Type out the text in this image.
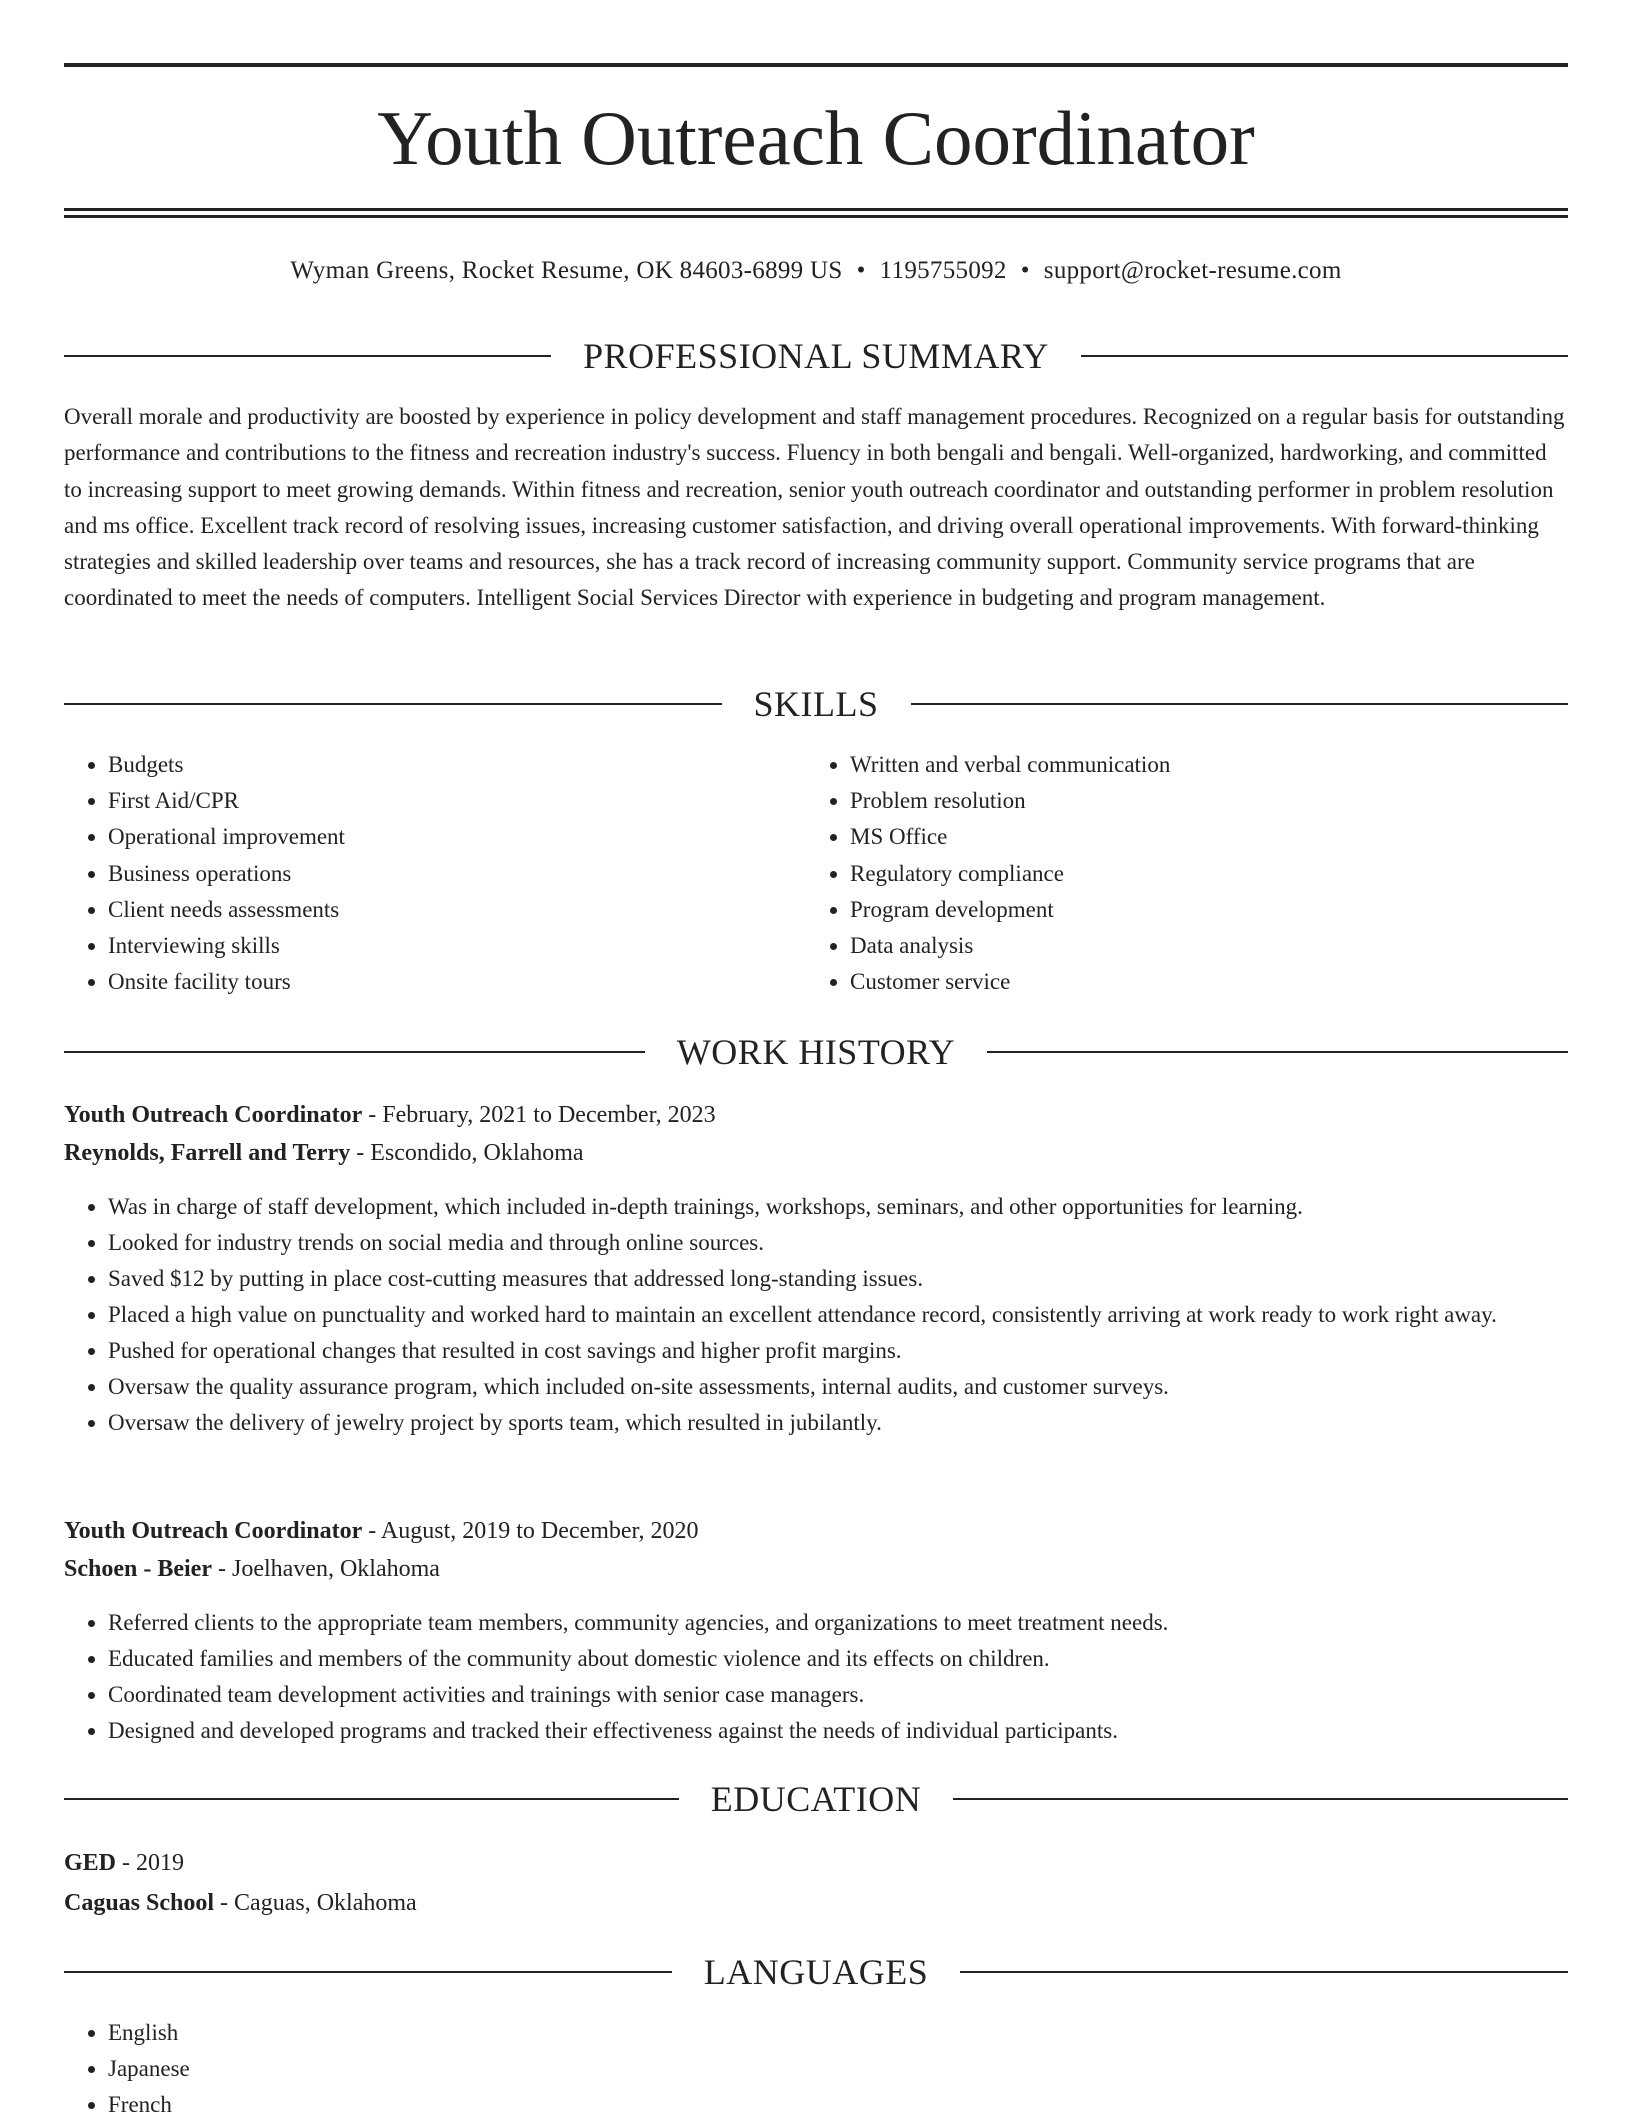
Youth Outreach Coordinator
Wyman Greens, Rocket Resume, OK 84603-6899 US • 1195755092 • support@rocket-resume.com
PROFESSIONAL SUMMARY
Overall morale and productivity are boosted by experience in policy development and staff management procedures. Recognized on a regular basis for outstanding performance and contributions to the fitness and recreation industry's success. Fluency in both bengali and bengali. Well-organized, hardworking, and committed to increasing support to meet growing demands. Within fitness and recreation, senior youth outreach coordinator and outstanding performer in problem resolution and ms office. Excellent track record of resolving issues, increasing customer satisfaction, and driving overall operational improvements. With forward-thinking strategies and skilled leadership over teams and resources, she has a track record of increasing community support. Community service programs that are coordinated to meet the needs of computers. Intelligent Social Services Director with experience in budgeting and program management.
SKILLS
• Budgets
• First Aid/CPR
• Operational improvement
• Business operations
• Client needs assessments
• Interviewing skills
• Onsite facility tours
• Written and verbal communication
• Problem resolution
• MS Office
• Regulatory compliance
• Program development
• Data analysis
• Customer service
WORK HISTORY
Youth Outreach Coordinator - February, 2021 to December, 2023
Reynolds, Farrell and Terry - Escondido, Oklahoma
• Was in charge of staff development, which included in-depth trainings, workshops, seminars, and other opportunities for learning.
• Looked for industry trends on social media and through online sources.
• Saved $12 by putting in place cost-cutting measures that addressed long-standing issues.
• Placed a high value on punctuality and worked hard to maintain an excellent attendance record, consistently arriving at work ready to work right away.
• Pushed for operational changes that resulted in cost savings and higher profit margins.
• Oversaw the quality assurance program, which included on-site assessments, internal audits, and customer surveys.
• Oversaw the delivery of jewelry project by sports team, which resulted in jubilantly.
Youth Outreach Coordinator - August, 2019 to December, 2020
Schoen - Beier - Joelhaven, Oklahoma
• Referred clients to the appropriate team members, community agencies, and organizations to meet treatment needs.
• Educated families and members of the community about domestic violence and its effects on children.
• Coordinated team development activities and trainings with senior case managers.
• Designed and developed programs and tracked their effectiveness against the needs of individual participants.
EDUCATION
GED - 2019
Caguas School - Caguas, Oklahoma
LANGUAGES
• English
• Japanese
• French
